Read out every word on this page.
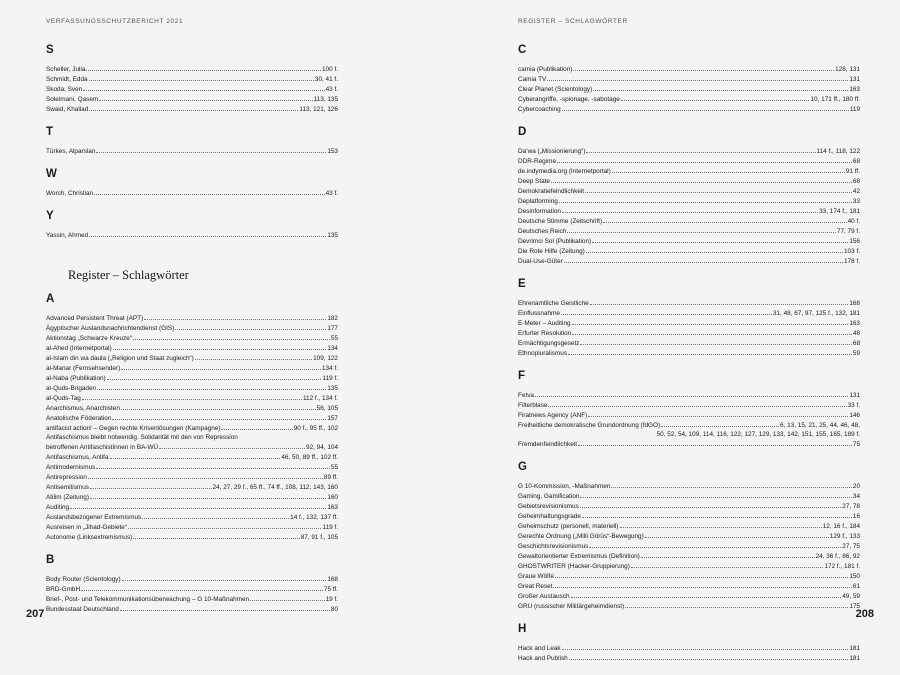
VERFASSUNGSSCHUTZBERICHT 2021
S
Scheller, Julia	100 f.
Schmidt, Edda	30, 41 f.
Skoda, Sven	43 f.
Soleimani, Qasem	113, 135
Swaid, Khallad	113, 121, 126
T
Türkes, Alparslan	153
W
Worch, Christian	43 f.
Y
Yassin, Ahmed	135
Register – Schlagwörter
A
Advanced Persistent Threat (APT)	182
Ägyptischer Auslandsnachrichtendienst (GIS)	177
Aktionstag „Schwarze Kreuze“	55
al-Ahed (Internetportal)	134
al-Islam din wa daula („Religion und Staat zugleich“)	109, 122
al-Manar (Fernsehsender)	134 f.
al-Naba (Publikation)	119 f.
al-Quds-Brigaden	135
al-Quds-Tag	112 f., 134 f.
Anarchismus, Anarchisten	56, 105
Anatolische Föderation	157
antifacist action! – Gegen rechte Krisenlösungen (Kampagne)	90 f., 95 ff., 102
Antifaschismus bleibt notwendig. Solidarität mit den von Repression
betroffenen AntifaschistInnen in BA-WÜ	92, 94, 104
Antifaschismus, Antifa	46, 50, 89 ff., 102 ff.
Antimodernismus	55
Antirepression	89 ff.
Antisemitismus	24, 27, 29 f., 65 ff., 74 ff., 108, 112, 143, 160
Atilim (Zeitung)	160
Auditing	163
Auslandsbezogener Extremismus	14 f., 132, 137 ff.
Ausreisen in „Jihad-Gebiete“	119 f.
Autonome (Linksextremismus)	87, 91 f., 105
B
Body Router (Scientology)	168
BRD-GmbH	75 ff.
Brief-, Post- und Telekommunikationsüberwachung – G 10-Maßnahmen	19 f.
Bundesstaat Deutschland	80
207
REGISTER – SCHLAGWÖRTER
C
camia (Publikation)	128, 131
Camia TV	131
Clear Planet (Scientology)	163
Cyberangriffe, -spionage, -sabotage	10, 171 ff., 180 ff.
Cybercoaching	119
D
Da’wa („Missionierung“)	114 f., 118, 122
DDR-Regime	68
de.indymedia.org (Internetportal)	91 ff.
Deep State	68
Demokratiefeindlichkeit	42
Deplatforming	33
Desinformation	33, 174 f., 181
Deutsche Stimme (Zeitschrift)	40 f.
Deutsches Reich	77, 79 f.
Devrimci Sol (Publikation)	156
Die Rote Hilfe (Zeitung)	103 f.
Dual-Use-Güter	178 f.
E
Ehrenamtliche Geistliche	168
Einflussnahme	31, 48, 67, 97, 125 f., 132, 181
E-Meter – Auditing	163
Erfurter Resolution	48
Ermächtigungsgesetz	68
Ethnopluralismus	59
F
Fetva	131
Filterblase	33 f.
Firatnews Agency (ANF)	146
Freiheitliche demokratische Grundordnung (fdGO)	6, 13, 15, 21, 25, 44, 46, 48,
50, 52, 54, 109, 114, 116, 122, 127, 129, 133, 142, 151, 155, 165, 189 f.
Fremdenfeindlichkeit	75
G
G 10-Kommission, -Maßnahmen	20
Gaming, Gamification	34
Gebietsrevisionismus	27, 78
Geheimhaltungsgrade	16
Geheimschutz (personell, materiell)	12, 16 f., 184
Gerechte Ordnung („Milli Görüs“-Bewegung)	129 f., 133
Geschichtsrevisionismus	27, 75
Gewaltorientierter Extremismus (Definition)	24, 36 f., 86, 92
GHOSTWRITER (Hacker-Gruppierung)	172 f., 181 f.
Graue Wölfe	150
Great Reset	61
Großer Austausch	49, 59
GRU (russischer Militärgeheimdienst)	175
H
Hack and Leak	181
Hack and Publish	181
208
